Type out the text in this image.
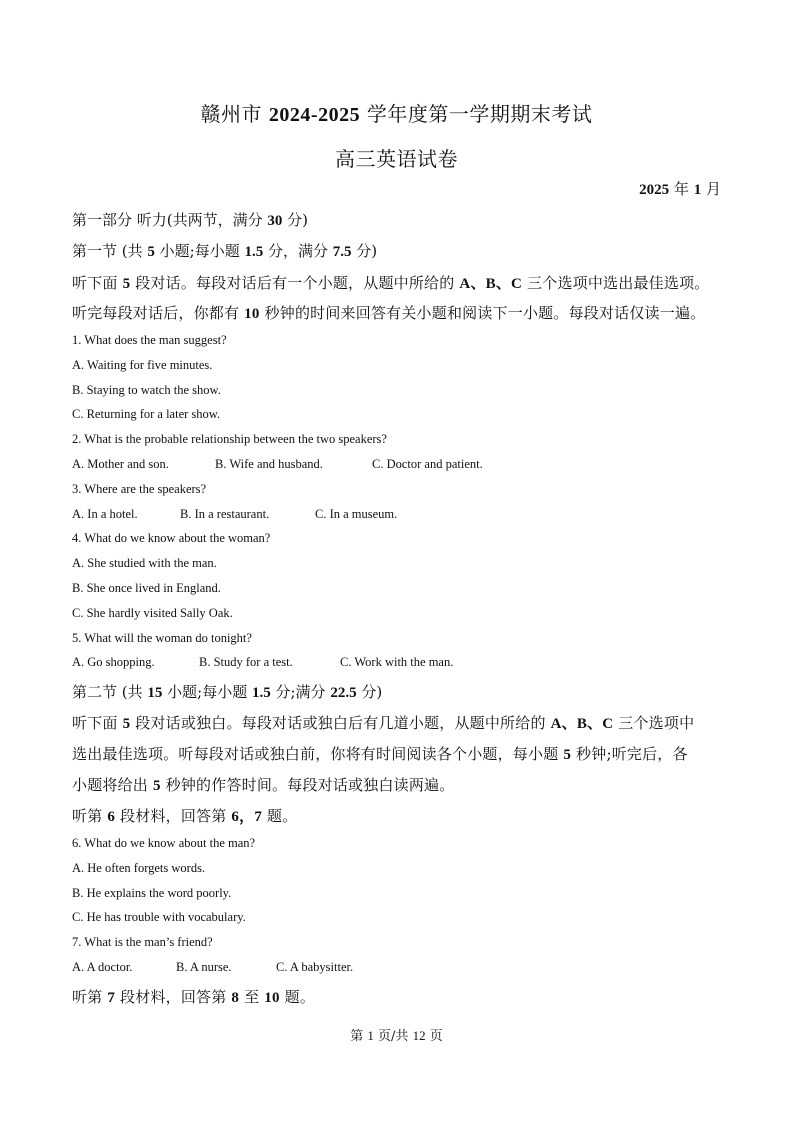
赣州市 2024-2025 学年度第一学期期末考试
高三英语试卷
2025 年 1 月
第一部分 听力(共两节，满分 30 分)
第一节 (共 5 小题;每小题 1.5 分，满分 7.5 分)
听下面 5 段对话。每段对话后有一个小题，从题中所给的 A、B、C 三个选项中选出最佳选项。
听完每段对话后，你都有 10 秒钟的时间来回答有关小题和阅读下一小题。每段对话仅读一遍。
1. What does the man suggest?
A. Waiting for five minutes.
B. Staying to watch the show.
C. Returning for a later show.
2. What is the probable relationship between the two speakers?
A. Mother and son.	B. Wife and husband.	C. Doctor and patient.
3. Where are the speakers?
A. In a hotel.	B. In a restaurant.	C. In a museum.
4. What do we know about the woman?
A. She studied with the man.
B. She once lived in England.
C. She hardly visited Sally Oak.
5. What will the woman do tonight?
A. Go shopping.	B. Study for a test.	C. Work with the man.
第二节 (共 15 小题;每小题 1.5 分;满分 22.5 分)
听下面 5 段对话或独白。每段对话或独白后有几道小题，从题中所给的 A、B、C 三个选项中
选出最佳选项。听每段对话或独白前，你将有时间阅读各个小题，每小题 5 秒钟;听完后，各
小题将给出 5 秒钟的作答时间。每段对话或独白读两遍。
听第 6 段材料，回答第 6，7 题。
6. What do we know about the man?
A. He often forgets words.
B. He explains the word poorly.
C. He has trouble with vocabulary.
7. What is the man’s friend?
A. A doctor.	B. A nurse.	C. A babysitter.
听第 7 段材料，回答第 8 至 10 题。
第 1 页/共 12 页
